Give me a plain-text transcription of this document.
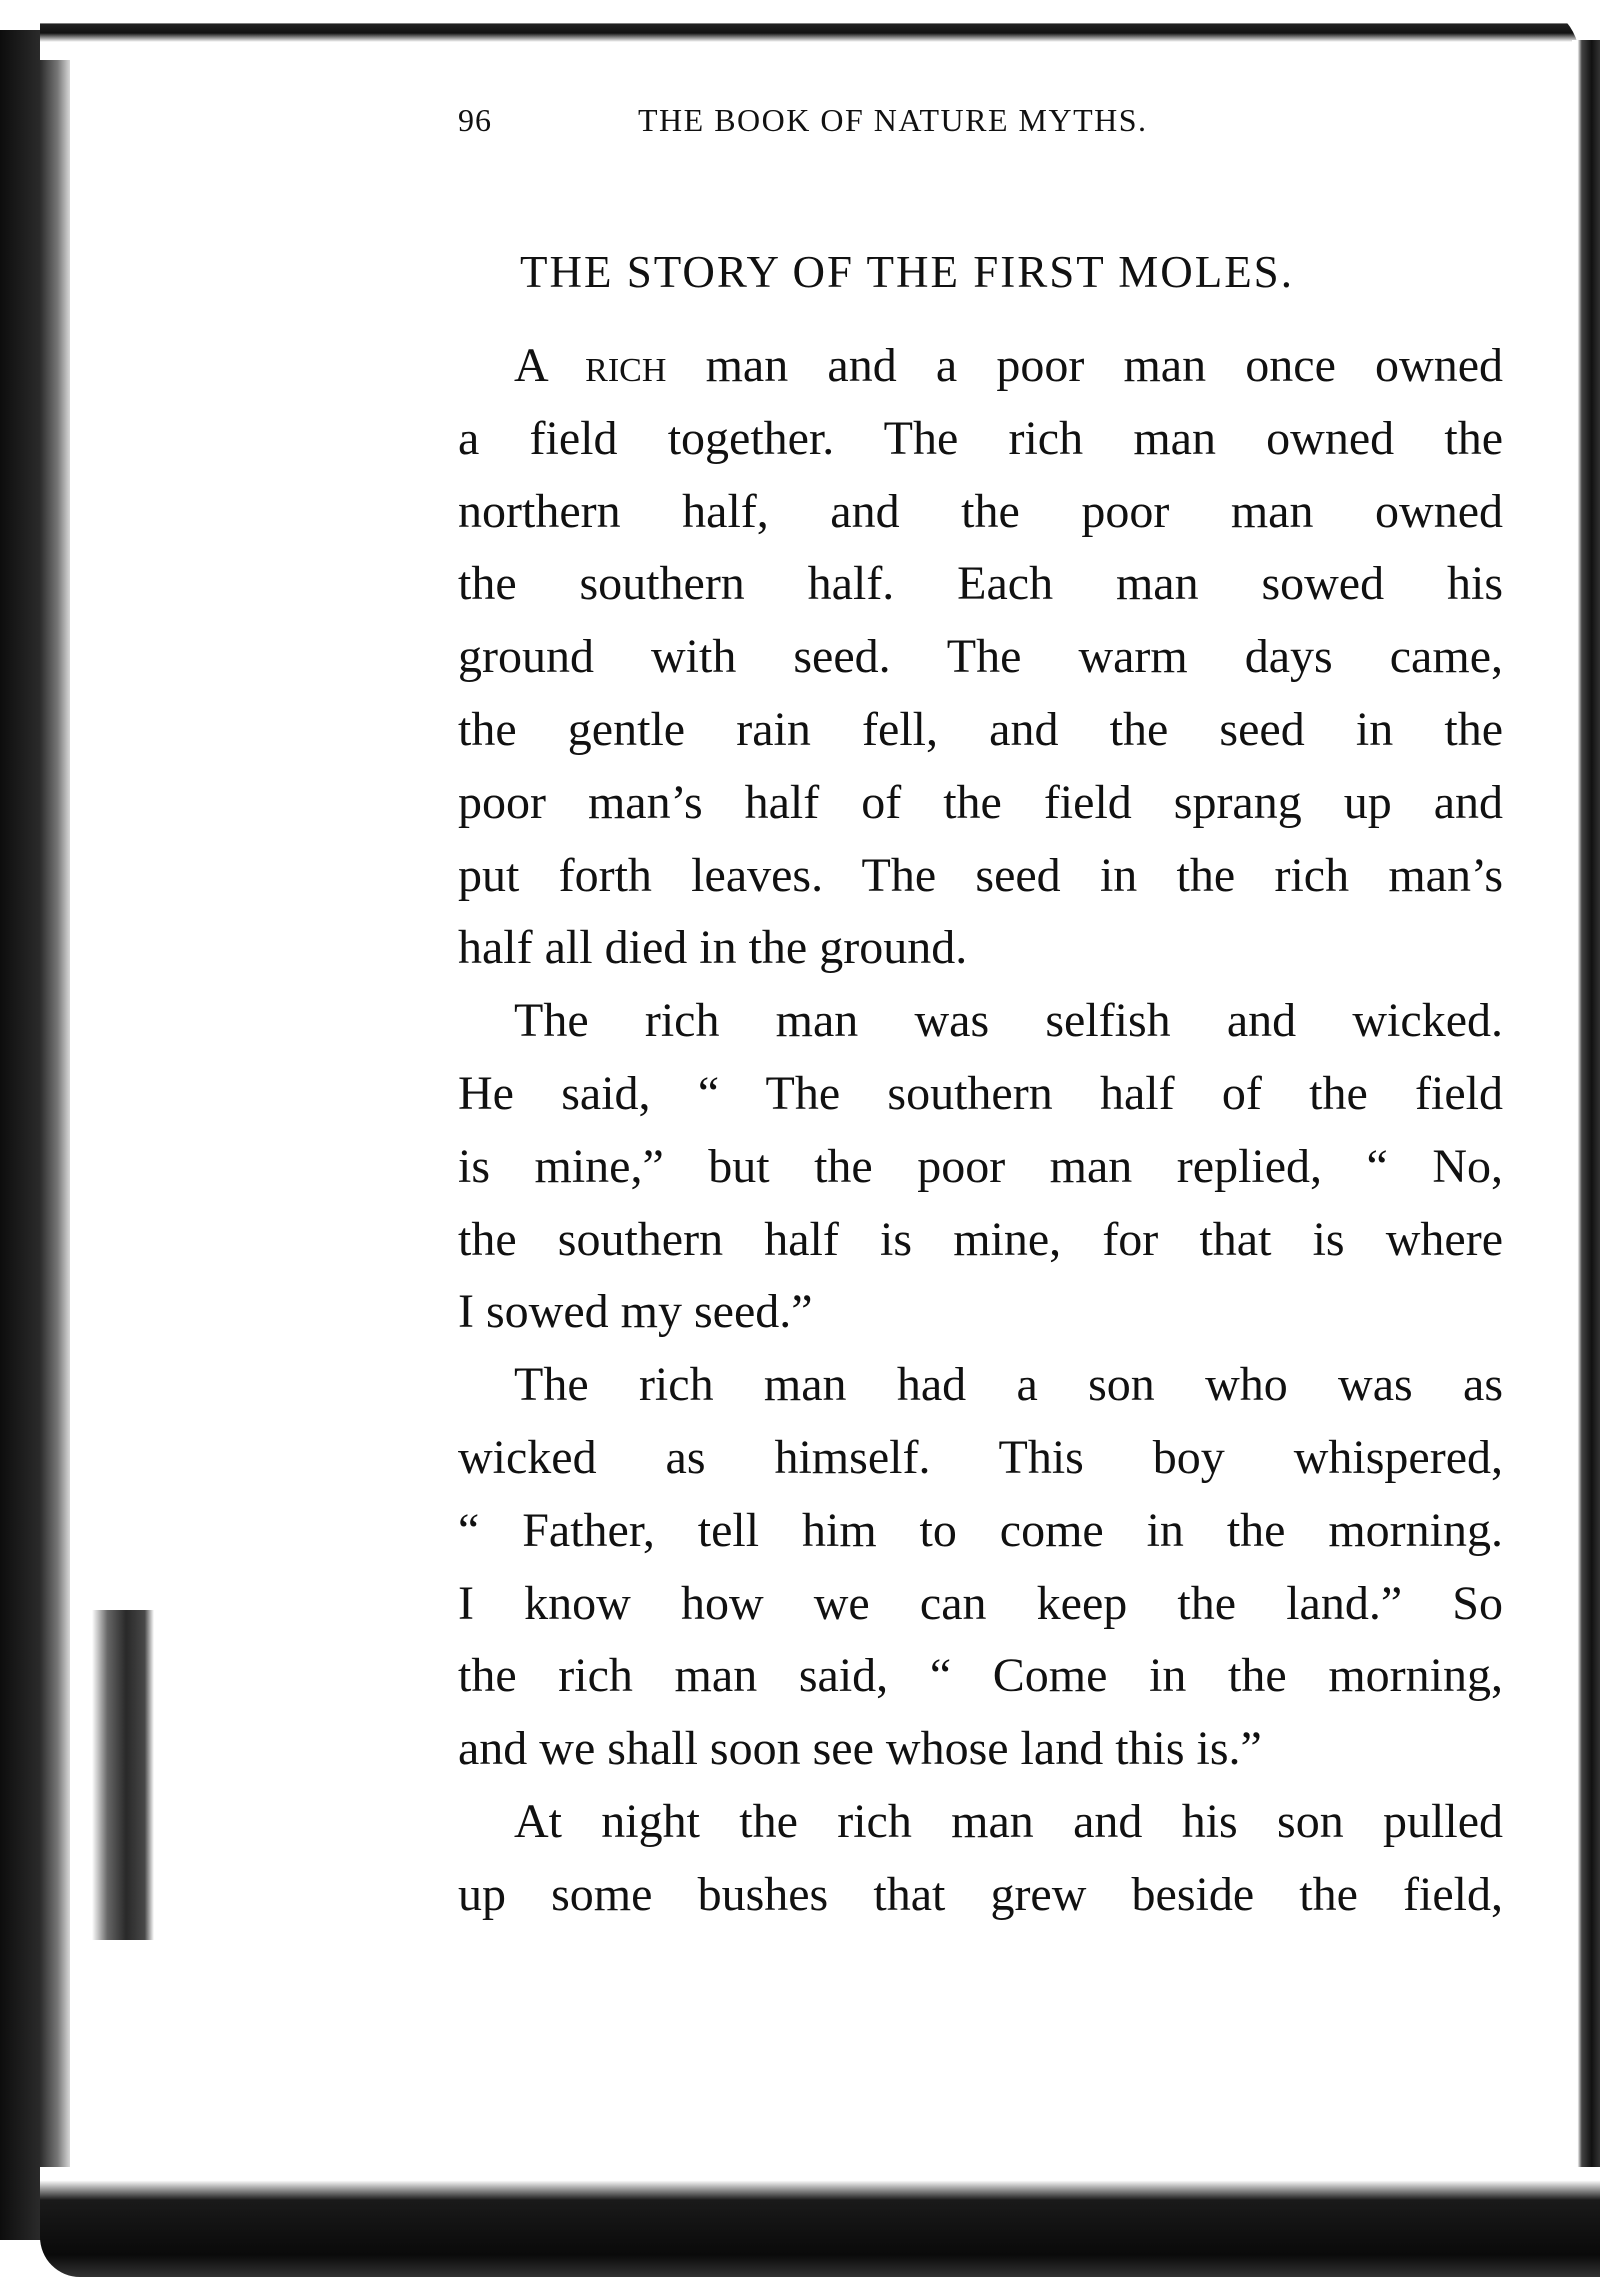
96	THE BOOK OF NATURE MYTHS.
THE STORY OF THE FIRST MOLES.
A rich man and a poor man once owned
a field together. The rich man owned the
northern half, and the poor man owned
the southern half. Each man sowed his
ground with seed. The warm days came,
the gentle rain fell, and the seed in the
poor man’s half of the field sprang up and
put forth leaves. The seed in the rich man’s
half all died in the ground.
The rich man was selfish and wicked.
He said, “ The southern half of the field
is mine,” but the poor man replied, “ No,
the southern half is mine, for that is where
I sowed my seed.”
The rich man had a son who was as
wicked as himself. This boy whispered,
“ Father, tell him to come in the morning.
I know how we can keep the land.” So
the rich man said, “ Come in the morning,
and we shall soon see whose land this is.”
At night the rich man and his son pulled
up some bushes that grew beside the field,
